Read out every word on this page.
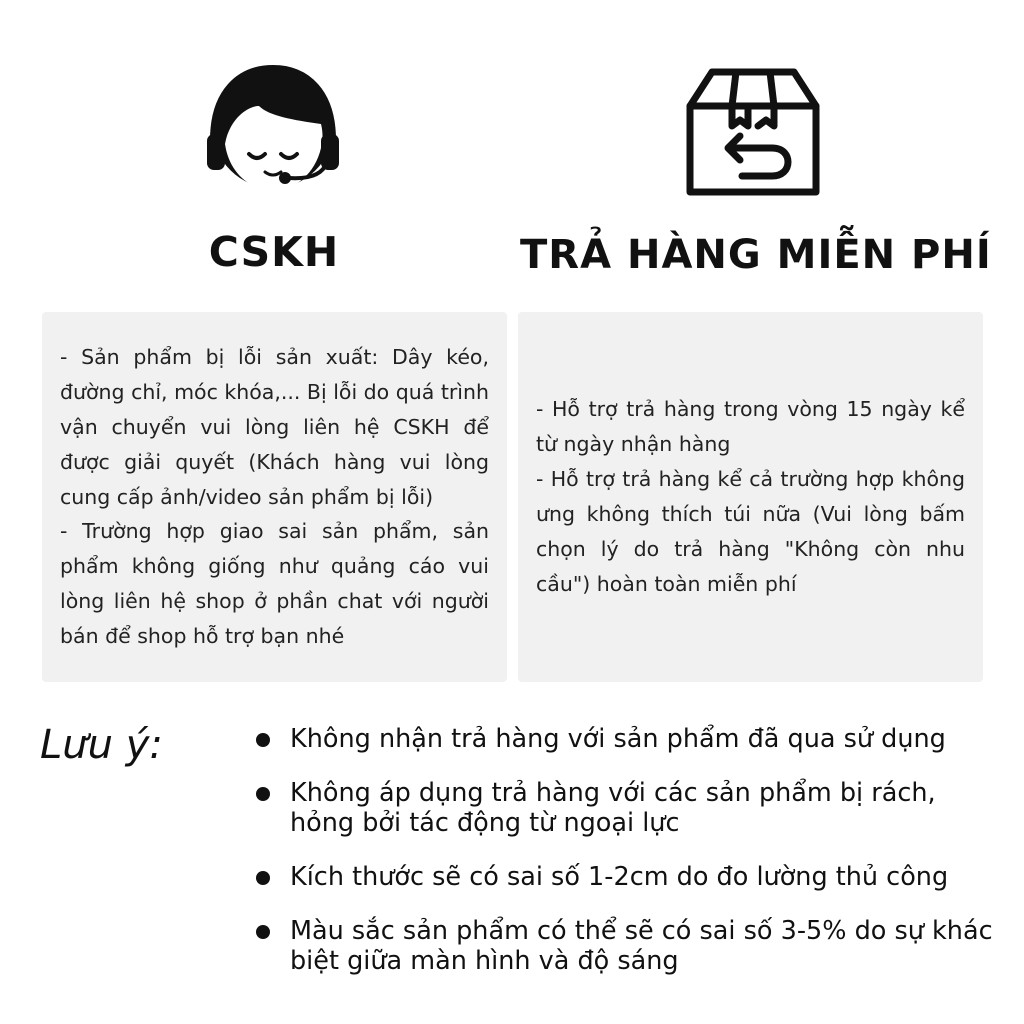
CSKH	TRẢ HÀNG MIỄN PHÍ

- Sản phẩm bị lỗi sản xuất: Dây kéo, đường chỉ, móc khóa,... Bị lỗi do quá trình vận chuyển vui lòng liên hệ CSKH để được giải quyết (Khách hàng vui lòng cung cấp ảnh/video sản phẩm bị lỗi)
- Trường hợp giao sai sản phẩm, sản phẩm không giống như quảng cáo vui lòng liên hệ shop ở phần chat với người bán để shop hỗ trợ bạn nhé

- Hỗ trợ trả hàng trong vòng 15 ngày kể từ ngày nhận hàng
- Hỗ trợ trả hàng kể cả trường hợp không ưng không thích túi nữa (Vui lòng bấm chọn lý do trả hàng "Không còn nhu cầu") hoàn toàn miễn phí

Lưu ý:	Không nhận trả hàng với sản phẩm đã qua sử dụng
Không áp dụng trả hàng với các sản phẩm bị rách, hỏng bởi tác động từ ngoại lực
Kích thước sẽ có sai số 1-2cm do đo lường thủ công
Màu sắc sản phẩm có thể sẽ có sai số 3-5% do sự khác biệt giữa màn hình và độ sáng
